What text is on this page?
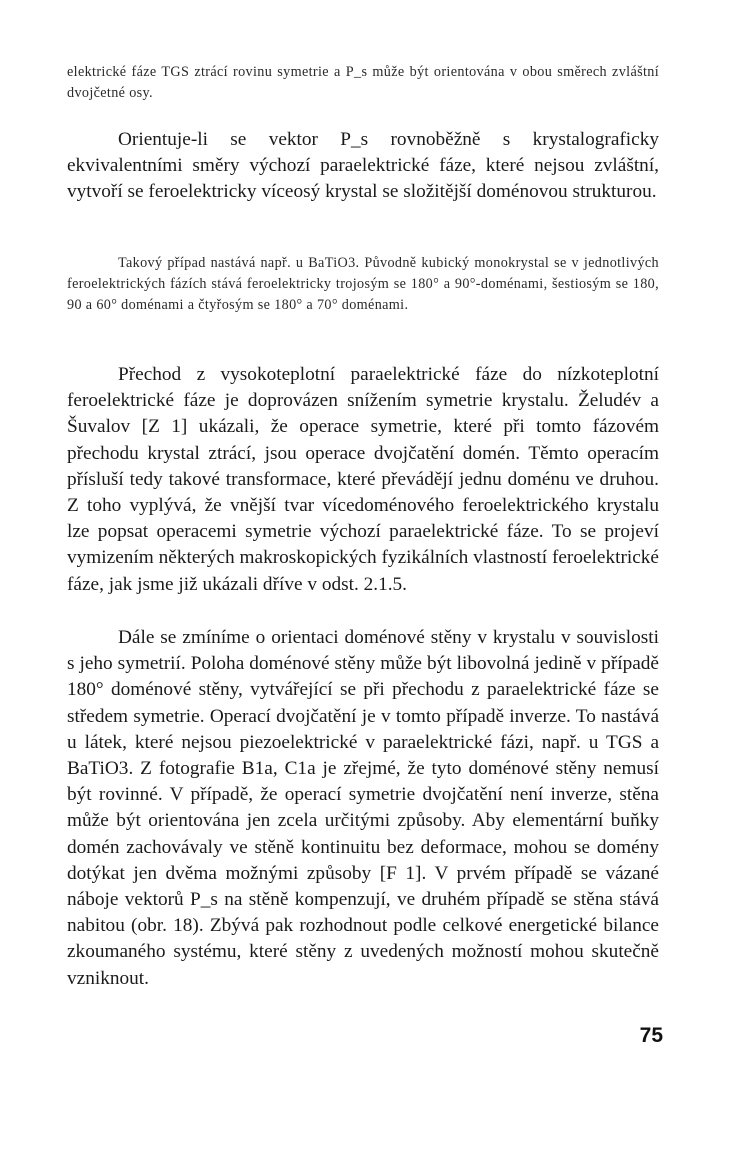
elektrické fáze TGS ztrácí rovinu symetrie a P_s může být orientována v obou směrech zvláštní dvojčetné osy.

Orientuje-li se vektor P_s rovnoběžně s krystalograficky ekvivalentními směry výchozí paraelektrické fáze, které nejsou zvláštní, vytvoří se feroelektricky víceosý krystal se složitější doménovou strukturou.

Takový případ nastává např. u BaTiO3. Původně kubický monokrystal se v jednotlivých feroelektrických fázích stává feroelektricky trojosým se 180° a 90°-doménami, šestiosým se 180, 90 a 60° doménami a čtyřosým se 180° a 70° doménami.

Přechod z vysokoteplotní paraelektrické fáze do nízkoteplotní feroelektrické fáze je doprovázen snížením symetrie krystalu. Želudév a Šuvalov [Z 1] ukázali, že operace symetrie, které při tomto fázovém přechodu krystal ztrácí, jsou operace dvojčatění domén. Těmto operacím přísluší tedy takové transformace, které převádějí jednu doménu ve druhou. Z toho vyplývá, že vnější tvar vícedoménového feroelektrického krystalu lze popsat operacemi symetrie výchozí paraelektrické fáze. To se projeví vymizením některých makroskopických fyzikálních vlastností feroelektrické fáze, jak jsme již ukázali dříve v odst. 2.1.5.

Dále se zmíníme o orientaci doménové stěny v krystalu v souvislosti s jeho symetrií. Poloha doménové stěny může být libovolná jedině v případě 180° doménové stěny, vytvářející se při přechodu z paraelektrické fáze se středem symetrie. Operací dvojčatění je v tomto případě inverze. To nastává u látek, které nejsou piezoelektrické v paraelektrické fázi, např. u TGS a BaTiO3. Z fotografie B1a, C1a je zřejmé, že tyto doménové stěny nemusí být rovinné. V případě, že operací symetrie dvojčatění není inverze, stěna může být orientována jen zcela určitými způsoby. Aby elementární buňky domén zachovávaly ve stěně kontinuitu bez deformace, mohou se domény dotýkat jen dvěma možnými způsoby [F 1]. V prvém případě se vázané náboje vektorů P_s na stěně kompenzují, ve druhém případě se stěna stává nabitou (obr. 18). Zbývá pak rozhodnout podle celkové energetické bilance zkoumaného systému, které stěny z uvedených možností mohou skutečně vzniknout.

75
